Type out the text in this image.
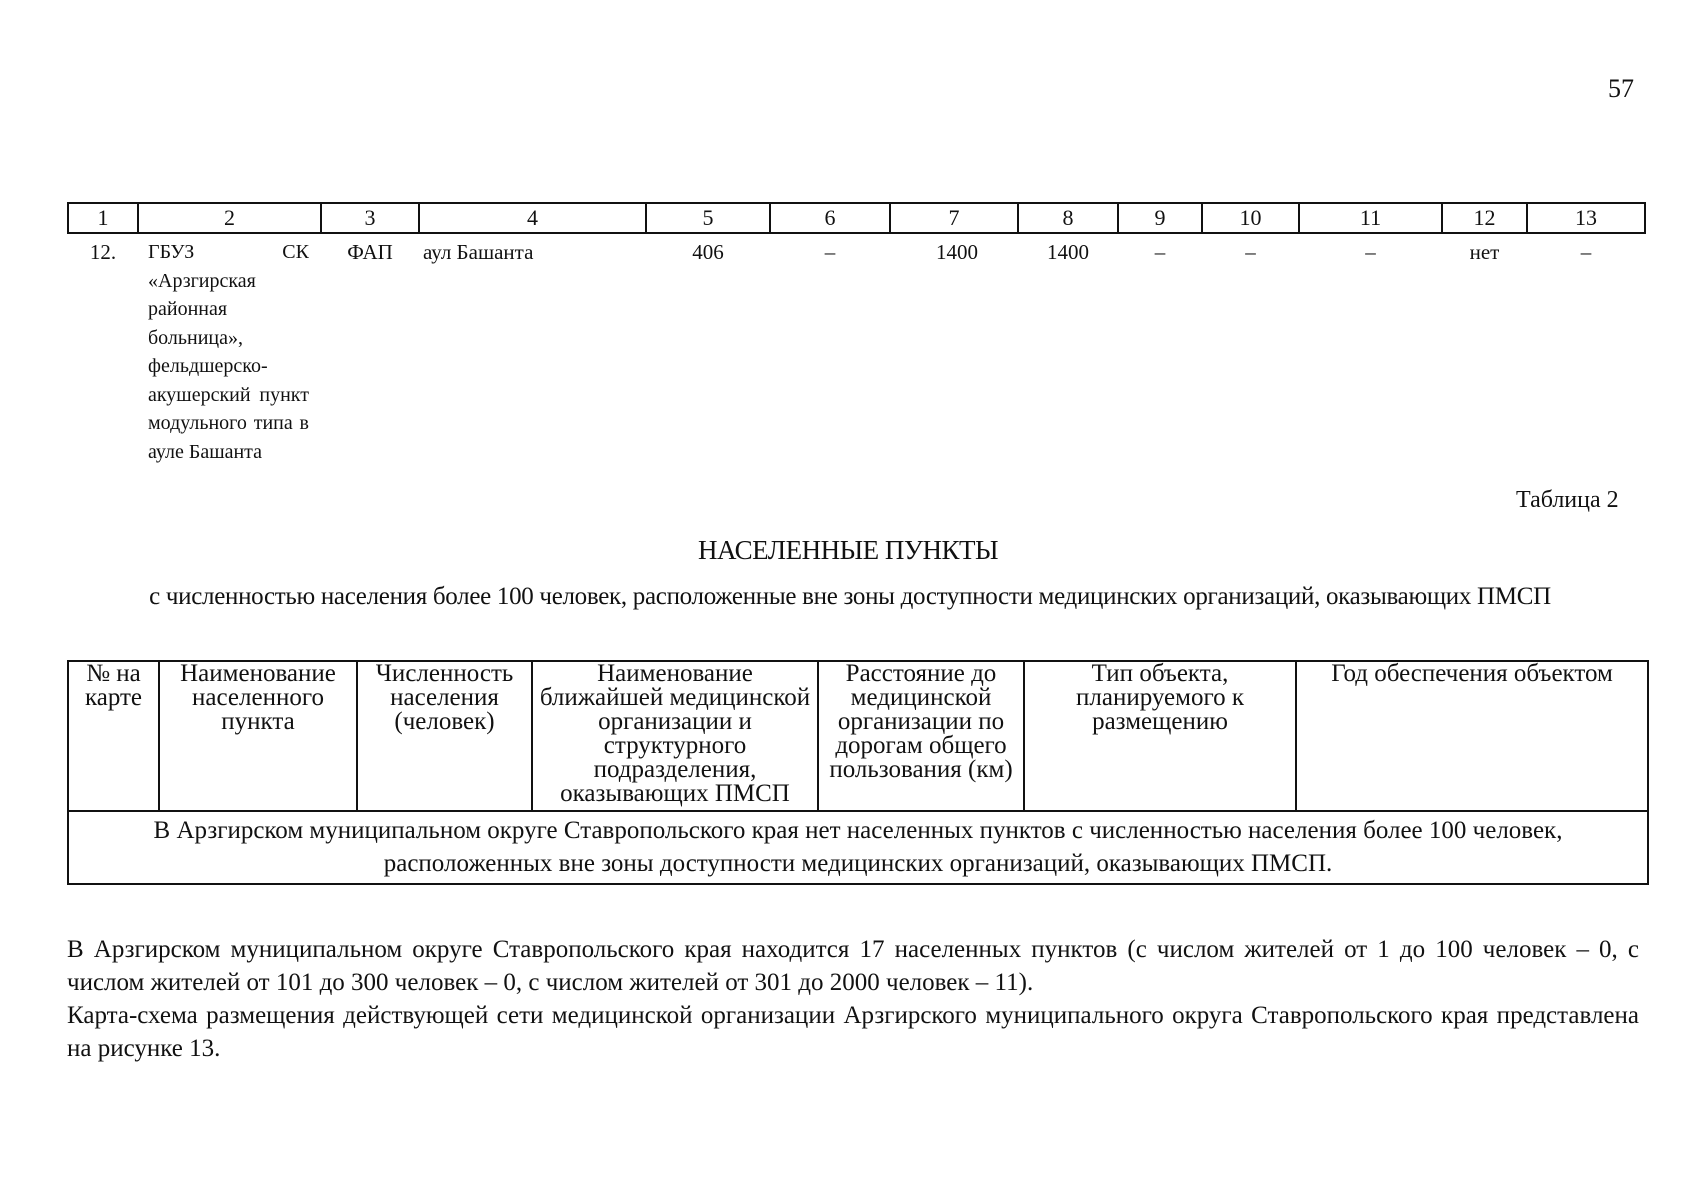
57
1	2	3	4	5	6	7	8	9	10	11	12	13
12.	ГБУЗ СК «Арзгирская районная больница», фельдшерско-акушерский пункт модульного типа в ауле Башанта	ФАП	аул Башанта	406	–	1400	1400	–	–	–	нет	–
Таблица 2
НАСЕЛЕННЫЕ ПУНКТЫ
с численностью населения более 100 человек, расположенные вне зоны доступности медицинских организаций, оказывающих ПМСП
№ на карте	Наименование населенного пункта	Численность населения (человек)	Наименование ближайшей медицинской организации и структурного подразделения, оказывающих ПМСП	Расстояние до медицинской организации по дорогам общего пользования (км)	Тип объекта, планируемого к размещению	Год обеспечения объектом
В Арзгирском муниципальном округе Ставропольского края нет населенных пунктов с численностью населения более 100 человек, расположенных вне зоны доступности медицинских организаций, оказывающих ПМСП.

В Арзгирском муниципальном округе Ставропольского края находится 17 населенных пунктов (с числом жителей от 1 до 100 человек – 0, с числом жителей от 101 до 300 человек – 0, с числом жителей от 301 до 2000 человек – 11).

Карта-схема размещения действующей сети медицинской организации Арзгирского муниципального округа Ставропольского края представлена на рисунке 13.
